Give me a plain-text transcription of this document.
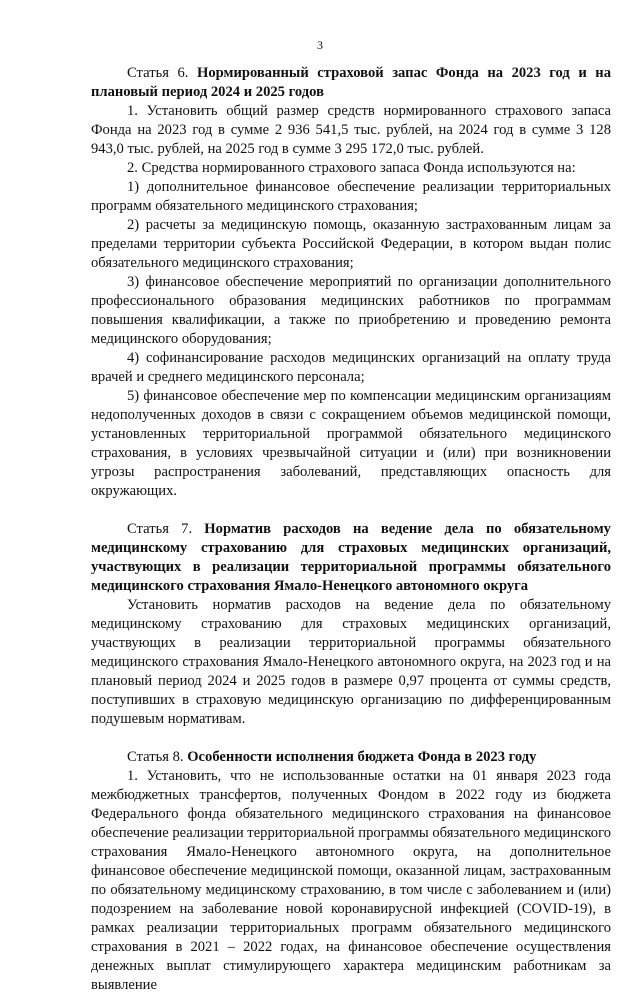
3

Статья 6. Нормированный страховой запас Фонда на 2023 год и на плановый период 2024 и 2025 годов

1. Установить общий размер средств нормированного страхового запаса Фонда на 2023 год в сумме 2 936 541,5 тыс. рублей, на 2024 год в сумме 3 128 943,0 тыс. рублей, на 2025 год в сумме 3 295 172,0 тыс. рублей.

2. Средства нормированного страхового запаса Фонда используются на:

1) дополнительное финансовое обеспечение реализации территориальных программ обязательного медицинского страхования;

2) расчеты за медицинскую помощь, оказанную застрахованным лицам за пределами территории субъекта Российской Федерации, в котором выдан полис обязательного медицинского страхования;

3) финансовое обеспечение мероприятий по организации дополнительного профессионального образования медицинских работников по программам повышения квалификации, а также по приобретению и проведению ремонта медицинского оборудования;

4) софинансирование расходов медицинских организаций на оплату труда врачей и среднего медицинского персонала;

5) финансовое обеспечение мер по компенсации медицинским организациям недополученных доходов в связи с сокращением объемов медицинской помощи, установленных территориальной программой обязательного медицинского страхования, в условиях чрезвычайной ситуации и (или) при возникновении угрозы распространения заболеваний, представляющих опасность для окружающих.

Статья 7. Норматив расходов на ведение дела по обязательному медицинскому страхованию для страховых медицинских организаций, участвующих в реализации территориальной программы обязательного медицинского страхования Ямало-Ненецкого автономного округа

Установить норматив расходов на ведение дела по обязательному медицинскому страхованию для страховых медицинских организаций, участвующих в реализации территориальной программы обязательного медицинского страхования Ямало-Ненецкого автономного округа, на 2023 год и на плановый период 2024 и 2025 годов в размере 0,97 процента от суммы средств, поступивших в страховую медицинскую организацию по дифференцированным подушевым нормативам.

Статья 8. Особенности исполнения бюджета Фонда в 2023 году

1. Установить, что не использованные остатки на 01 января 2023 года межбюджетных трансфертов, полученных Фондом в 2022 году из бюджета Федерального фонда обязательного медицинского страхования на финансовое обеспечение реализации территориальной программы обязательного медицинского страхования Ямало-Ненецкого автономного округа, на дополнительное финансовое обеспечение медицинской помощи, оказанной лицам, застрахованным по обязательному медицинскому страхованию, в том числе с заболеванием и (или) подозрением на заболевание новой коронавирусной инфекцией (COVID-19), в рамках реализации территориальных программ обязательного медицинского страхования в 2021 – 2022 годах, на финансовое обеспечение осуществления денежных выплат стимулирующего характера медицинским работникам за выявление
